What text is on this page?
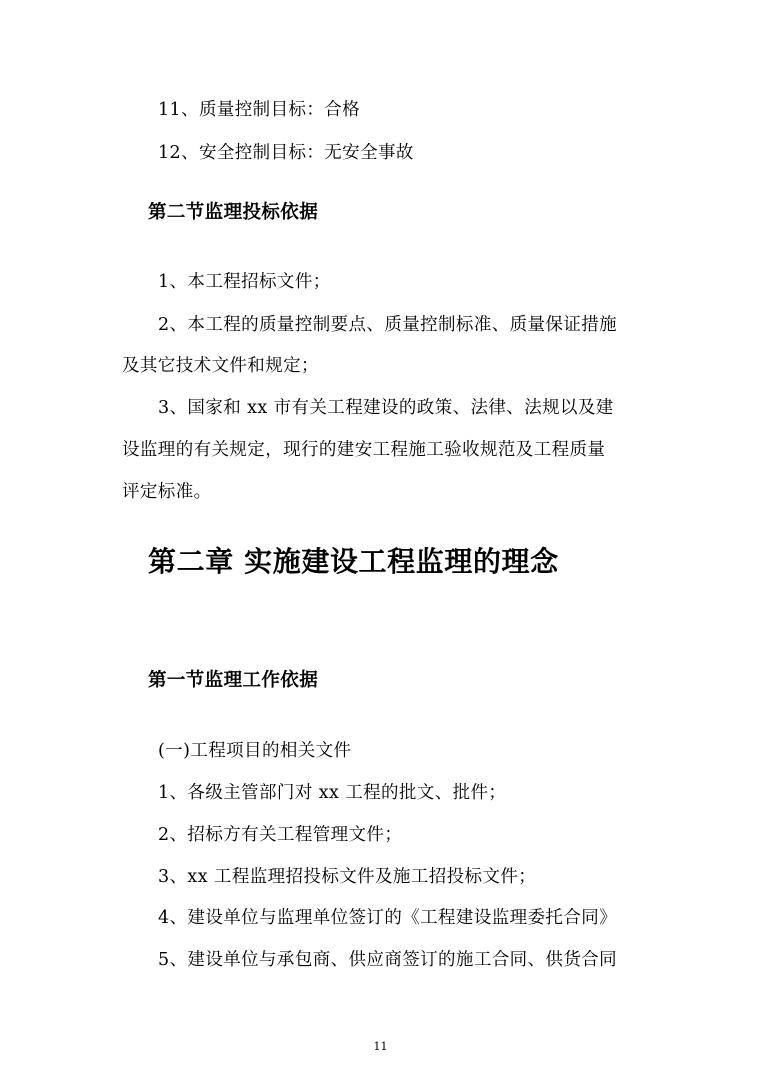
11、质量控制目标：合格
12、安全控制目标：无安全事故
第二节监理投标依据
1、本工程招标文件；
2、本工程的质量控制要点、质量控制标准、质量保证措施
及其它技术文件和规定；
3、国家和 xx 市有关工程建设的政策、法律、法规以及建
设监理的有关规定，现行的建安工程施工验收规范及工程质量
评定标准。
第二章 实施建设工程监理的理念
第一节监理工作依据
(一)工程项目的相关文件
1、各级主管部门对 xx 工程的批文、批件；
2、招标方有关工程管理文件；
3、xx 工程监理招投标文件及施工招投标文件；
4、建设单位与监理单位签订的《工程建设监理委托合同》
5、建设单位与承包商、供应商签订的施工合同、供货合同
11
